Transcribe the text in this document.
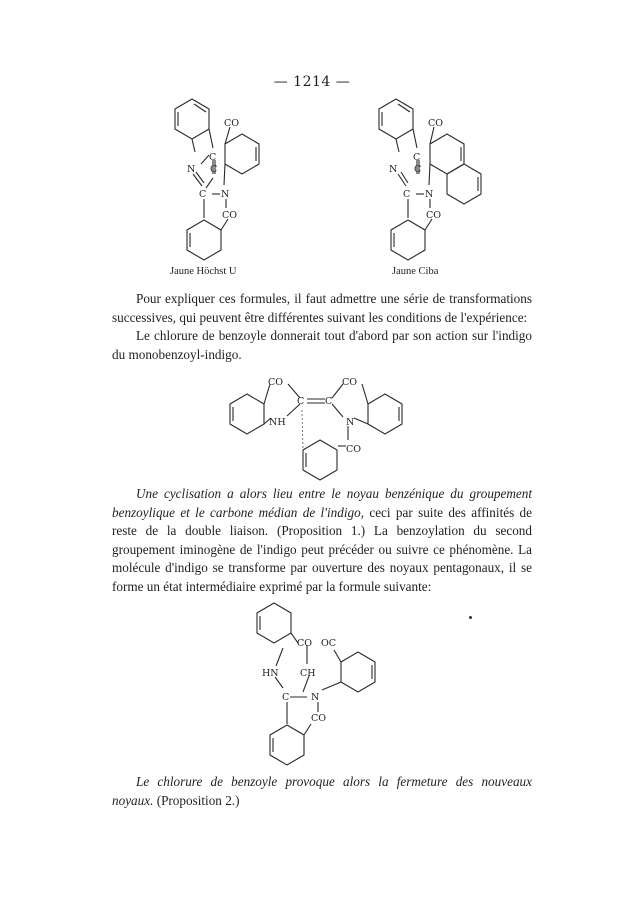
— 1214 —
CO
C
N C
C N
CO
CO
C
N C
C N
CO
CO	CO
C C
NH	N
CO
CO OC
HN CH
C N
CO
Jaune Höchst U	Jaune Ciba

Pour expliquer ces formules, il faut admettre une série de transformations successives, qui peuvent être différentes suivant les conditions de l'expérience:

Le chlorure de benzoyle donnerait tout d'abord par son action sur l'indigo du monobenzoyl-indigo.

Une cyclisation a alors lieu entre le noyau benzénique du groupement benzoylique et le carbone médian de l'indigo, ceci par suite des affinités de reste de la double liaison. (Proposition 1.) La benzoylation du second groupement iminogène de l'indigo peut précéder ou suivre ce phénomène. La molécule d'indigo se transforme par ouverture des noyaux pentagonaux, il se forme un état intermédiaire exprimé par la formule suivante:

Le chlorure de benzoyle provoque alors la fermeture des nouveaux noyaux. (Proposition 2.)
